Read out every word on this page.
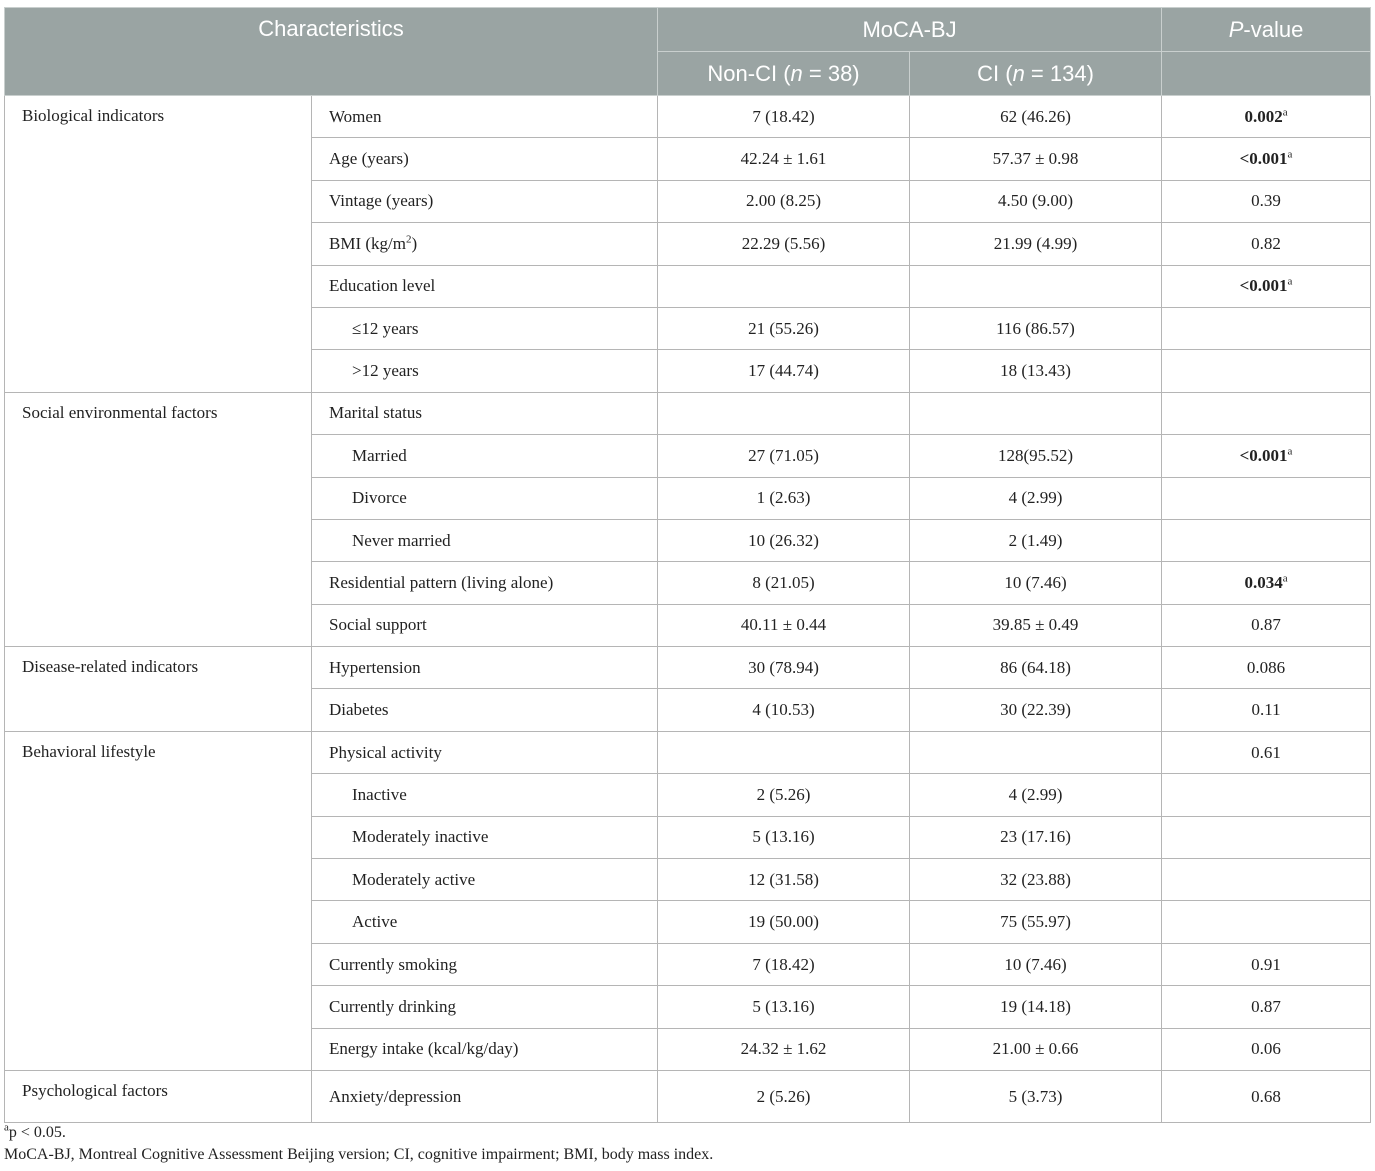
Characteristics		MoCA-BJ		P-value
		Non-CI (n = 38)	CI (n = 134)	
Biological indicators	Women	7 (18.42)	62 (46.26)	0.002$^a$
	Age (years)	42.24 ± 1.61	57.37 ± 0.98	<0.001$^a$
	Vintage (years)	2.00 (8.25)	4.50 (9.00)	0.39
	BMI $(kg/m^2)$	22.29 (5.56)	21.99 (4.99)	0.82
	Education level			<0.001$^a$
	≤12 years	21 (55.26)	116 (86.57)	
	>12 years	17 (44.74)	18 (13.43)	
Social environmental factors	Marital status			
	Married	27 (71.05)	128(95.52)	<0.001$^a$
	Divorce	1 (2.63)	4 (2.99)	
	Never married	10 (26.32)	2 (1.49)	
	Residential pattern (living alone)	8 (21.05)	10 (7.46)	0.034$^a$
	Social support	40.11 ± 0.44	39.85 ± 0.49	0.87
Disease-related indicators	Hypertension	30 (78.94)	86 (64.18)	0.086
	Diabetes	4 (10.53)	30 (22.39)	0.11
Behavioral lifestyle	Physical activity			0.61
	Inactive	2 (5.26)	4 (2.99)	
	Moderately inactive	5 (13.16)	23 (17.16)	
	Moderately active	12 (31.58)	32 (23.88)	
	Active	19 (50.00)	75 (55.97)	
	Currently smoking	7 (18.42)	10 (7.46)	0.91
	Currently drinking	5 (13.16)	19 (14.18)	0.87
	Energy intake (kcal/kg/day)	24.32 ± 1.62	21.00 ± 0.66	0.06
Psychological factors	Anxiety/depression	2 (5.26)	5 (3.73)	0.68
$^a$p < 0.05.
MoCA-BJ, Montreal Cognitive Assessment Beijing version; CI, cognitive impairment; BMI, body mass index.
